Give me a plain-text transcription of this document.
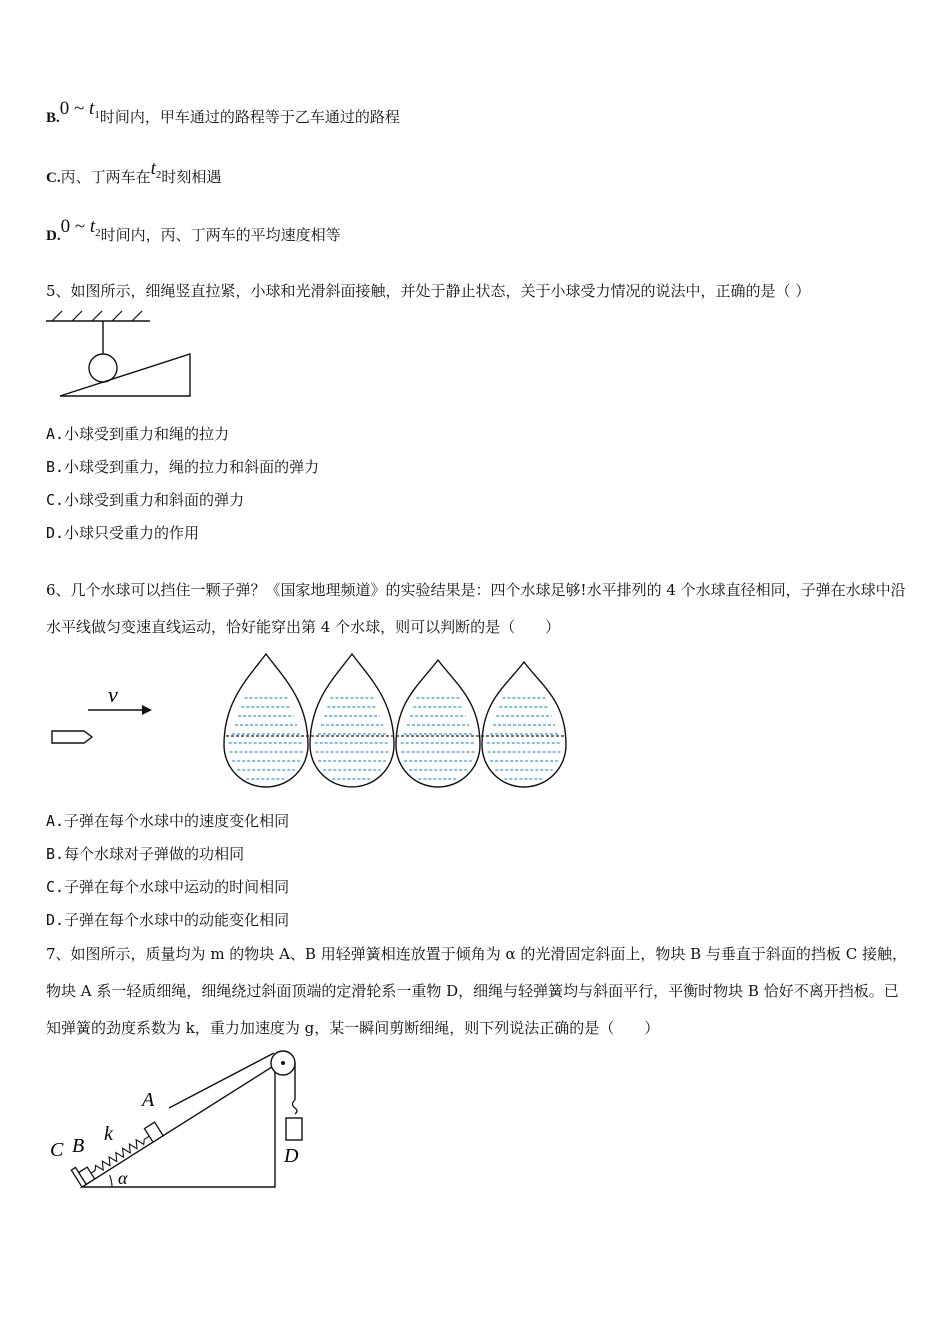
B.0 ~ $t^1$时间内，甲车通过的路程等于乙车通过的路程
C.丙、丁两车在$t^2$时刻相遇
D.0 ~ $t^2$时间内，丙、丁两车的平均速度相等
5、如图所示，细绳竖直拉紧，小球和光滑斜面接触，并处于静止状态，关于小球受力情况的说法中，正确的是（ ）
A.小球受到重力和绳的拉力
B.小球受到重力，绳的拉力和斜面的弹力
C.小球受到重力和斜面的弹力
D.小球只受重力的作用
6、几个水球可以挡住一颗子弹？《国家地理频道》的实验结果是：四个水球足够!水平排列的 4 个水球直径相同，子弹在水球中沿水平线做匀变速直线运动，恰好能穿出第 4 个水球，则可以判断的是（　　）
v
A.子弹在每个水球中的速度变化相同
B.每个水球对子弹做的功相同
C.子弹在每个水球中运动的时间相同
D.子弹在每个水球中的动能变化相同
7、如图所示，质量均为 m 的物块 A、B 用轻弹簧相连放置于倾角为 α 的光滑固定斜面上，物块 B 与垂直于斜面的挡板 C 接触，物块 A 系一轻质细绳，细绳绕过斜面顶端的定滑轮系一重物 D，细绳与轻弹簧均与斜面平行，平衡时物块 B 恰好不离开挡板。已知弹簧的劲度系数为 k，重力加速度为 g，某一瞬间剪断细绳，则下列说法正确的是（　　）
α
D
C B
k
A
